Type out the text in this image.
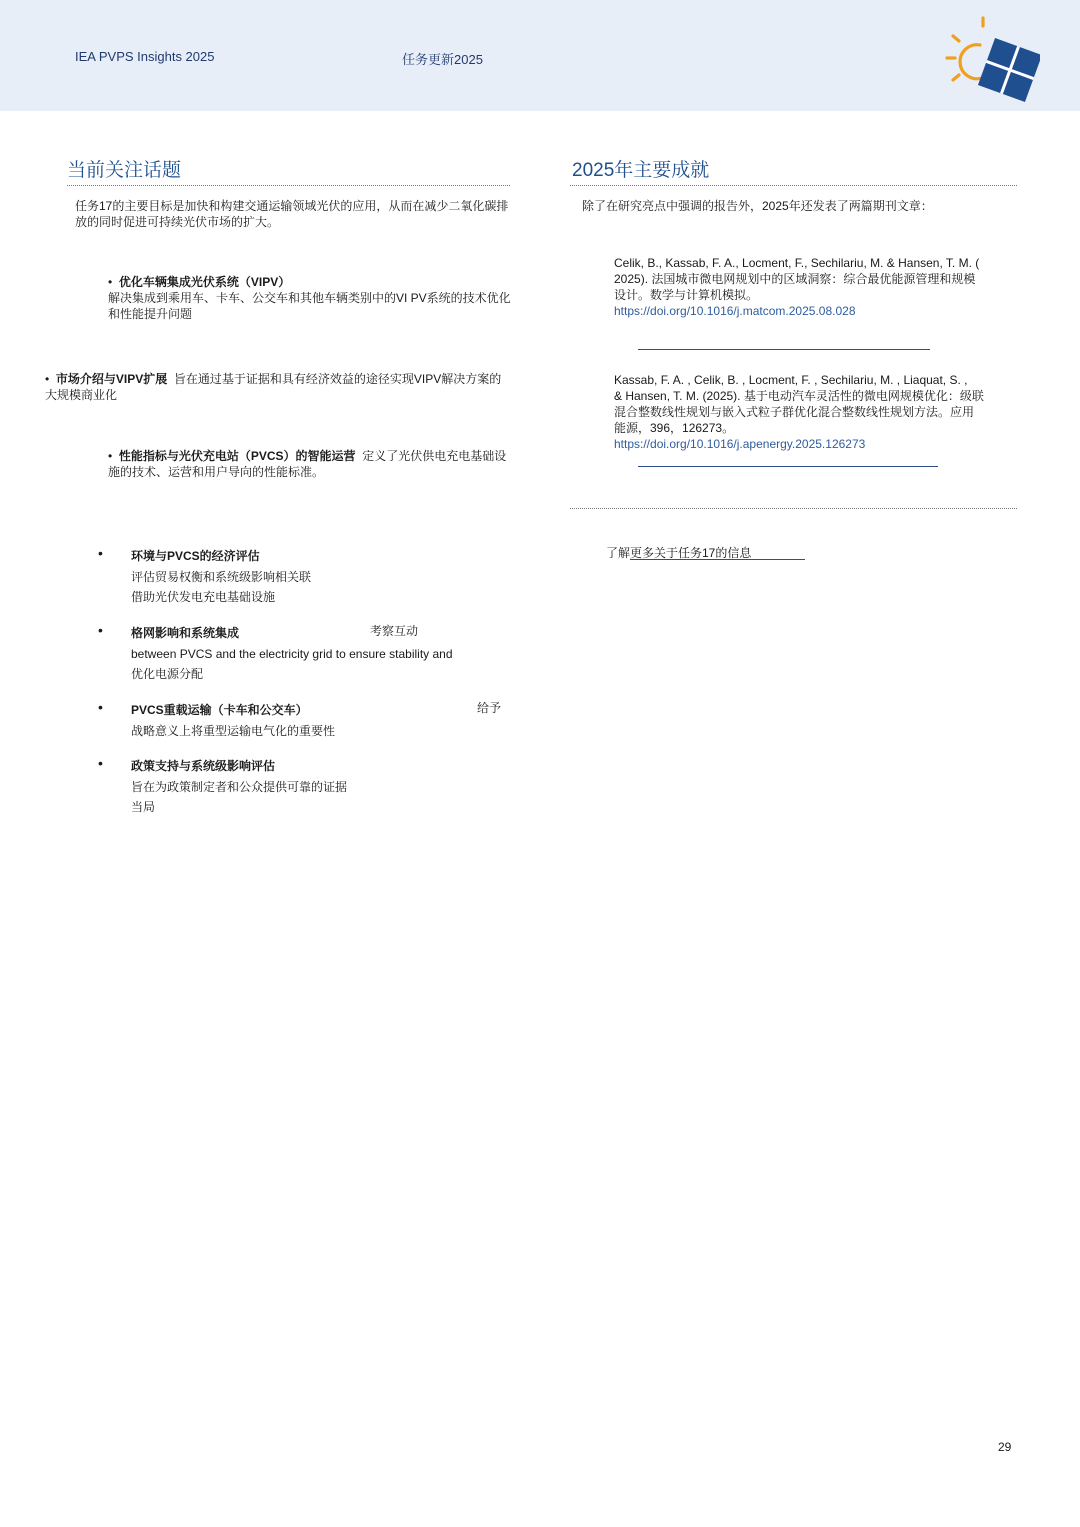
IEA PVPS Insights 2025	任务更新2025
当前关注话题
任务17的主要目标是加快和构建交通运输领域光伏的应用，从而在减少二氧化碳排放的同时促进可持续光伏市场的扩大。
• 优化车辆集成光伏系统（VIPV）
解决集成到乘用车、卡车、公交车和其他车辆类别中的VI PV系统的技术优化和性能提升问题
• 市场介绍与VIPV扩展 旨在通过基于证据和具有经济效益的途径实现VIPV解决方案的大规模商业化
• 性能指标与光伏充电站（PVCS）的智能运营 定义了光伏供电充电基础设施的技术、运营和用户导向的性能标准。
• 环境与PVCS的经济评估
评估贸易权衡和系统级影响相关联
借助光伏发电充电基础设施
• 格网影响和系统集成
between PVCS and the electricity grid to ensure stability and
优化电源分配
考察互动
• PVCS重载运输（卡车和公交车）
战略意义上将重型运输电气化的重要性
给予
• 政策支持与系统级影响评估
旨在为政策制定者和公众提供可靠的证据
当局
2025年主要成就
除了在研究亮点中强调的报告外，2025年还发表了两篇期刊文章：
Celik, B., Kassab, F. A., Locment, F., Sechilariu, M. & Hansen, T. M. (
2025). 法国城市微电网规划中的区域洞察：综合最优能源管理和规模
设计。数学与计算机模拟。
https://doi.org/10.1016/j.matcom.2025.08.028
Kassab, F. A. , Celik, B. , Locment, F. , Sechilariu, M. , Liaquat, S. ,
& Hansen, T. M. (2025). 基于电动汽车灵活性的微电网规模优化：级联
混合整数线性规划与嵌入式粒子群优化混合整数线性规划方法。应用
能源，396，126273。
https://doi.org/10.1016/j.apenergy.2025.126273
了解更多关于任务17的信息
29
